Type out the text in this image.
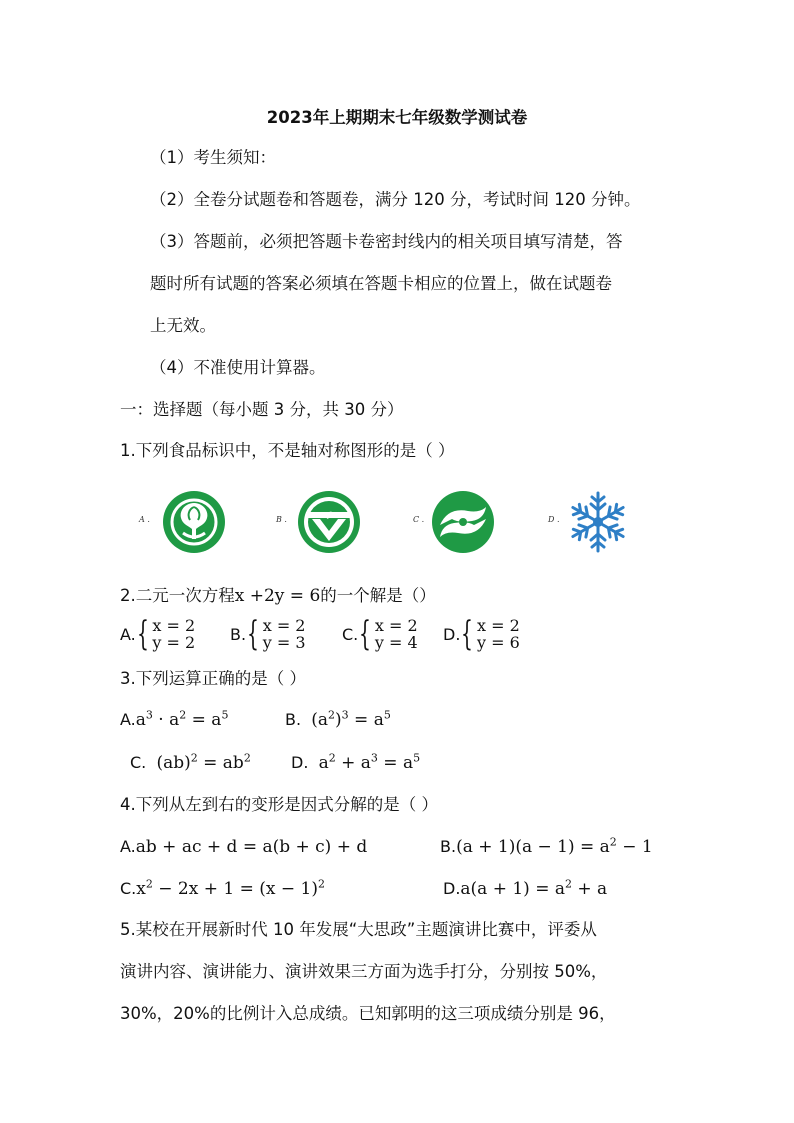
2023年上期期末七年级数学测试卷
（1）考生须知：
（2）全卷分试题卷和答题卷，满分 120 分，考试时间 120 分钟。
（3）答题前，必须把答题卡卷密封线内的相关项目填写清楚，答
题时所有试题的答案必须填在答题卡相应的位置上，做在试题卷
上无效。
（4）不准使用计算器。
一：选择题（每小题 3 分，共 30 分）
1.下列食品标识中，不是轴对称图形的是（ ）
A .	B .	C .	D .
2.二元一次方程x +2y = 6的一个解是（）
A. { x = 2
y = 2 B. { x = 2
y = 3 C. { x = 2
y = 4 D. { x = 2
y = 6
3.下列运算正确的是（ ）
$A.a^3 \cdot a^2 = a^5$	B. $(a^2)^3 = a^5$
C. $(ab)^2 = ab^2$	D. $a^2 + a^3 = a^5$
4.下列从左到右的变形是因式分解的是（ ）
A.ab + ac + d = a(b + c) + d	$B.(a + 1)(a - 1) = a^2 - 1$
$C.x^2 - 2x + 1 = (x - 1)^2$	$D.a(a + 1) = a^2 + a$
5.某校在开展新时代 10 年发展“大思政”主题演讲比赛中，评委从
演讲内容、演讲能力、演讲效果三方面为选手打分，分别按 50%，
30%，20%的比例计入总成绩。已知郭明的这三项成绩分别是 96，
